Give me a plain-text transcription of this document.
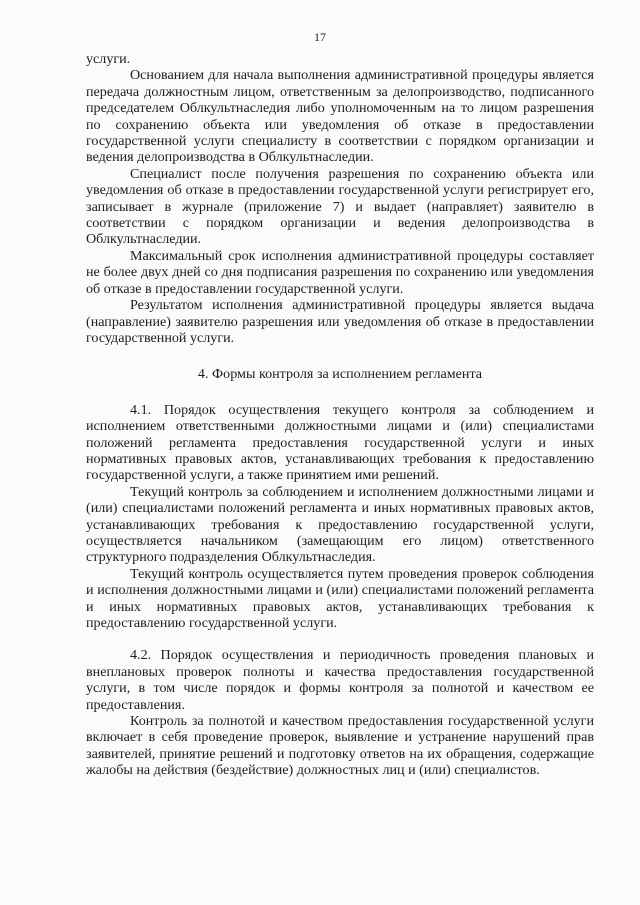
17

услуги.

Основанием для начала выполнения административной процедуры является передача должностным лицом, ответственным за делопроизводство, подписанного председателем Облкультнаследия либо уполномоченным на то лицом разрешения по сохранению объекта или уведомления об отказе в предоставлении государственной услуги специалисту в соответствии с порядком организации и ведения делопроизводства в Облкультнаследии.

Специалист после получения разрешения по сохранению объекта или уведомления об отказе в предоставлении государственной услуги регистрирует его, записывает в журнале (приложение 7) и выдает (направляет) заявителю в соответствии с порядком организации и ведения делопроизводства в Облкультнаследии.

Максимальный срок исполнения административной процедуры составляет не более двух дней со дня подписания разрешения по сохранению или уведомления об отказе в предоставлении государственной услуги.

Результатом исполнения административной процедуры является выдача (направление) заявителю разрешения или уведомления об отказе в предоставлении государственной услуги.

4. Формы контроля за исполнением регламента

4.1. Порядок осуществления текущего контроля за соблюдением и исполнением ответственными должностными лицами и (или) специалистами положений регламента предоставления государственной услуги и иных нормативных правовых актов, устанавливающих требования к предоставлению государственной услуги, а также принятием ими решений.

Текущий контроль за соблюдением и исполнением должностными лицами и (или) специалистами положений регламента и иных нормативных правовых актов, устанавливающих требования к предоставлению государственной услуги, осуществляется начальником (замещающим его лицом) ответственного структурного подразделения Облкультнаследия.

Текущий контроль осуществляется путем проведения проверок соблюдения и исполнения должностными лицами и (или) специалистами положений регламента и иных нормативных правовых актов, устанавливающих требования к предоставлению государственной услуги.

4.2. Порядок осуществления и периодичность проведения плановых и внеплановых проверок полноты и качества предоставления государственной услуги, в том числе порядок и формы контроля за полнотой и качеством ее предоставления.

Контроль за полнотой и качеством предоставления государственной услуги включает в себя проведение проверок, выявление и устранение нарушений прав заявителей, принятие решений и подготовку ответов на их обращения, содержащие жалобы на действия (бездействие) должностных лиц и (или) специалистов.
